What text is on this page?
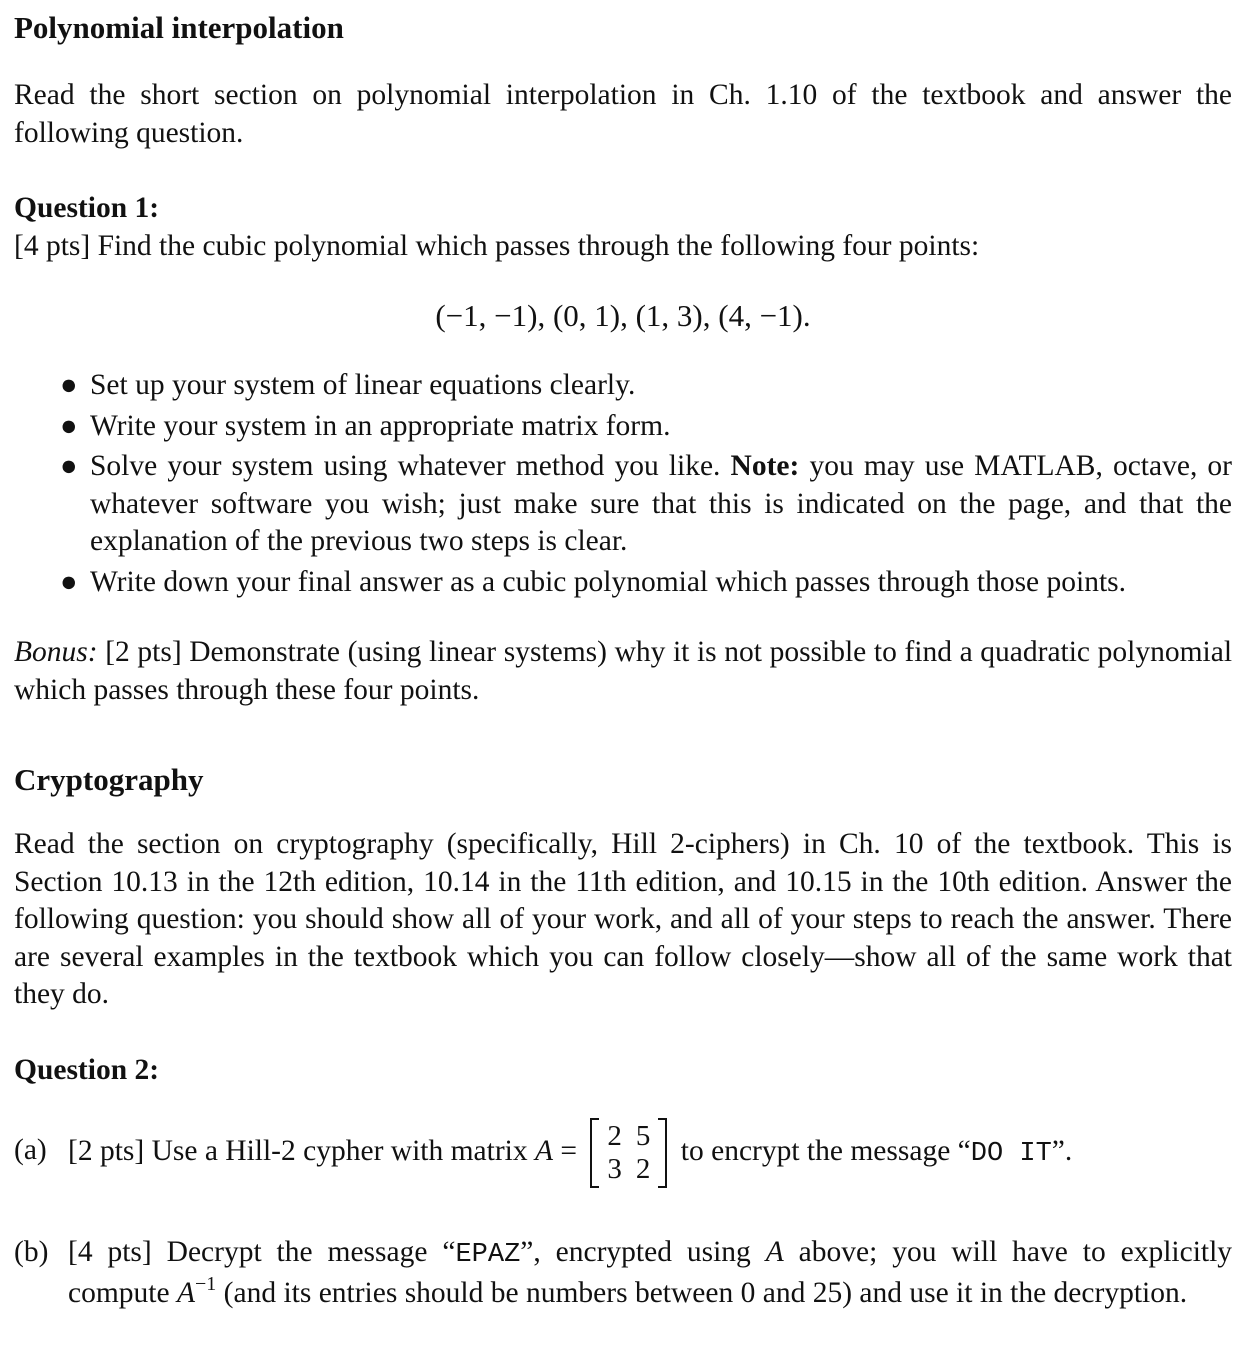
Polynomial interpolation
Read the short section on polynomial interpolation in Ch. 1.10 of the textbook and answer the following question.
Question 1:
[4 pts] Find the cubic polynomial which passes through the following four points:
(−1, −1), (0, 1), (1, 3), (4, −1).
● Set up your system of linear equations clearly.
● Write your system in an appropriate matrix form.
● Solve your system using whatever method you like. Note: you may use MATLAB, octave, or whatever software you wish; just make sure that this is indicated on the page, and that the explanation of the previous two steps is clear.
● Write down your final answer as a cubic polynomial which passes through those points.
Bonus: [2 pts] Demonstrate (using linear systems) why it is not possible to find a quadratic polynomial which passes through these four points.
Cryptography
Read the section on cryptography (specifically, Hill 2-ciphers) in Ch. 10 of the textbook. This is Section 10.13 in the 12th edition, 10.14 in the 11th edition, and 10.15 in the 10th edition. Answer the following question: you should show all of your work, and all of your steps to reach the answer. There are several examples in the textbook which you can follow closely—show all of the same work that they do.
Question 2:
(a) [2 pts] Use a Hill-2 cypher with matrix A = 2	5
3	2
to encrypt the message “DO IT”.
(b) [4 pts] Decrypt the message “EPAZ”, encrypted using A above; you will have to explicitly compute $A^{-1}$ (and its entries should be numbers between 0 and 25) and use it in the decryption.
